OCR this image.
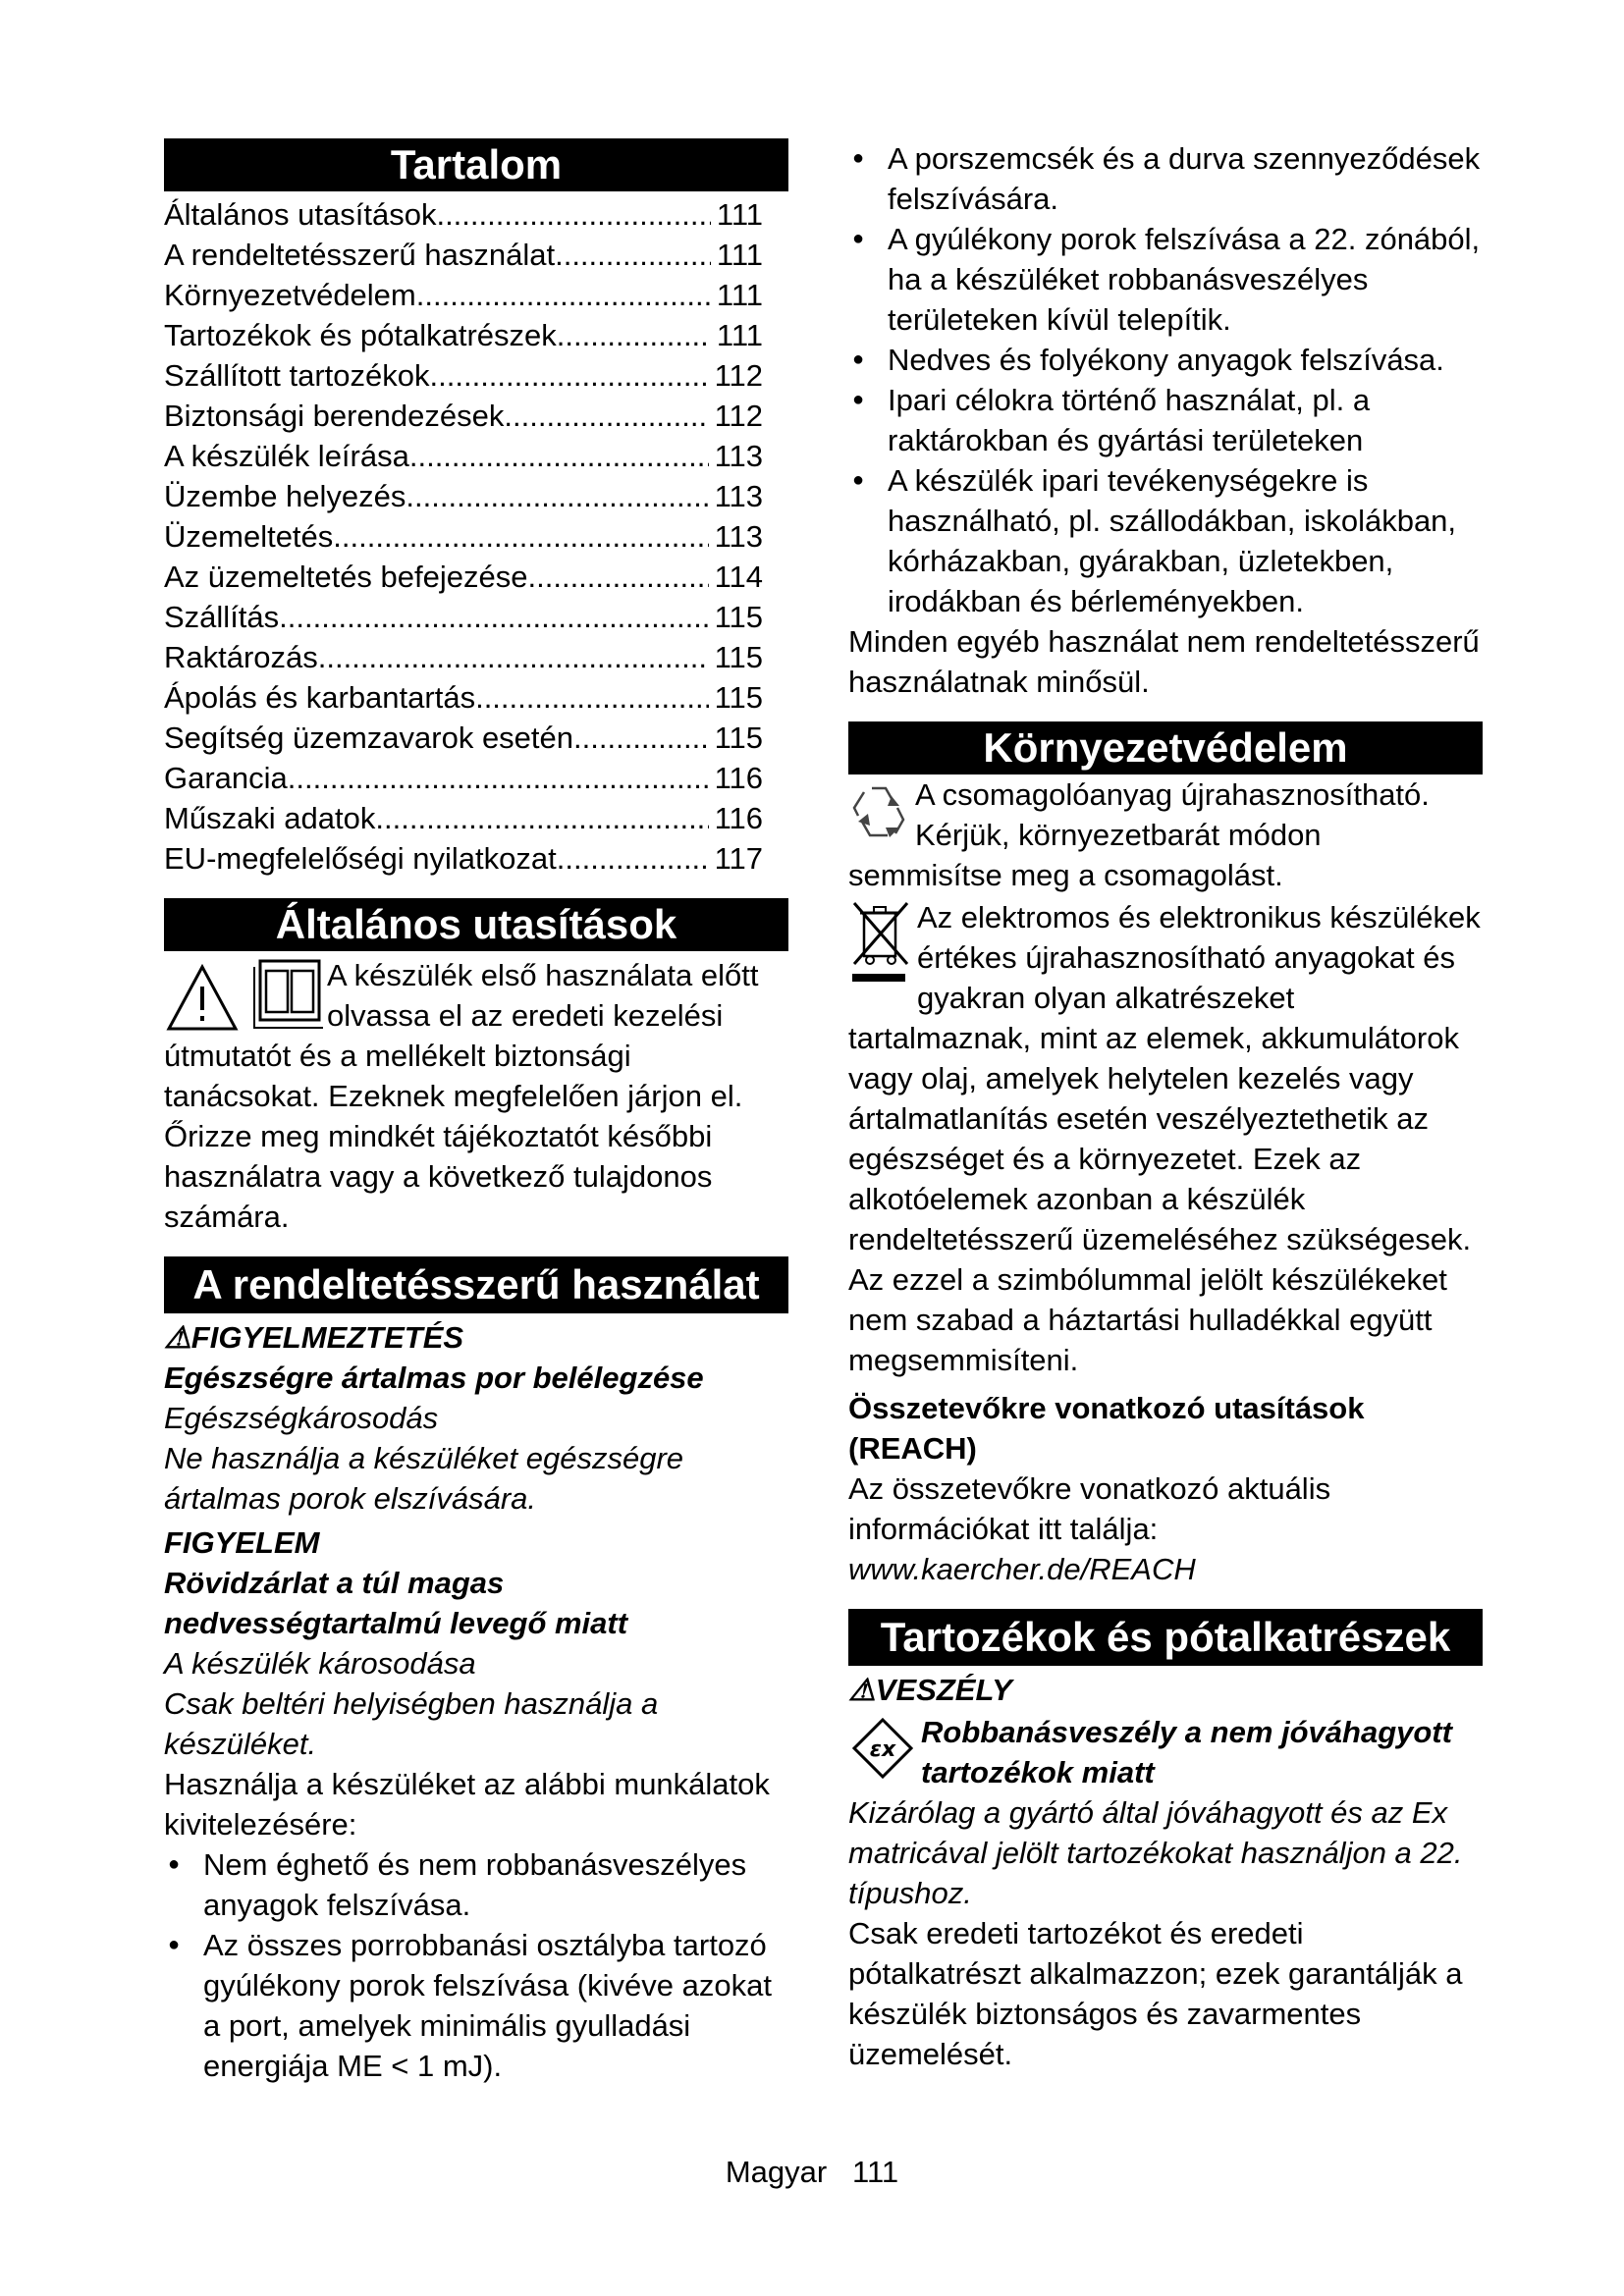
Tartalom
Általános utasítások .....	111
A rendeltetésszerű használat .....	111
Környezetvédelem .....	111
Tartozékok és pótalkatrészek .....	111
Szállított tartozékok .....	112
Biztonsági berendezések .....	112
A készülék leírása .....	113
Üzembe helyezés .....	113
Üzemeltetés .....	113
Az üzemeltetés befejezése .....	114
Szállítás .....	115
Raktározás .....	115
Ápolás és karbantartás .....	115
Segítség üzemzavarok esetén .....	115
Garancia .....	116
Műszaki adatok .....	116
EU-megfelelőségi nyilatkozat .....	117
Általános utasítások

A készülék első használata előtt olvassa el az eredeti kezelési útmutatót és a mellékelt biztonsági tanácsokat. Ezeknek megfelelően járjon el. Őrizze meg mindkét tájékoztatót későbbi használatra vagy a következő tulajdonos számára.

A rendeltetésszerű használat

⚠FIGYELMEZTETÉS

Egészségre ártalmas por belélegzése

Egészségkárosodás

Ne használja a készüléket egészségre ártalmas porok elszívására.

FIGYELEM

Rövidzárlat a túl magas nedvességtartalmú levegő miatt

A készülék károsodása

Csak beltéri helyiségben használja a készüléket.

Használja a készüléket az alábbi munkálatok kivitelezésére:

● Nem éghető és nem robbanásveszélyes anyagok felszívása.
● Az összes porrobbanási osztályba tartozó gyúlékony porok felszívása (kivéve azokat a port, amelyek minimális gyulladási energiája ME < 1 mJ).
● A porszemcsék és a durva szennyeződések felszívására.
● A gyúlékony porok felszívása a 22. zónából, ha a készüléket robbanásveszélyes területeken kívül telepítik.
● Nedves és folyékony anyagok felszívása.
● Ipari célokra történő használat, pl. a raktárokban és gyártási területeken
● A készülék ipari tevékenységekre is használható, pl. szállodákban, iskolákban, kórházakban, gyárakban, üzletekben, irodákban és bérleményekben.

Minden egyéb használat nem rendeltetésszerű használatnak minősül.

Környezetvédelem

A csomagolóanyag újrahasznosítható. Kérjük, környezetbarát módon semmisítse meg a csomagolást.

Az elektromos és elektronikus készülékek értékes újrahasznosítható anyagokat és gyakran olyan alkatrészeket tartalmaznak, mint az elemek, akkumulátorok vagy olaj, amelyek helytelen kezelés vagy ártalmatlanítás esetén veszélyeztethetik az egészséget és a környezetet. Ezek az alkotóelemek azonban a készülék rendeltetésszerű üzemeléséhez szükségesek. Az ezzel a szimbólummal jelölt készülékeket nem szabad a háztartási hulladékkal együtt megsemmisíteni.

Összetevőkre vonatkozó utasítások (REACH)

Az összetevőkre vonatkozó aktuális információkat itt találja: www.kaercher.de/REACH

Tartozékok és pótalkatrészek

⚠VESZÉLY

εx
Robbanásveszély a nem jóváhagyott tartozékok miatt

Kizárólag a gyártó által jóváhagyott és az Ex matricával jelölt tartozékokat használjon a 22. típushoz.

Csak eredeti tartozékot és eredeti pótalkatrészt alkalmazzon; ezek garantálják a készülék biztonságos és zavarmentes üzemelését.

Magyar 111
